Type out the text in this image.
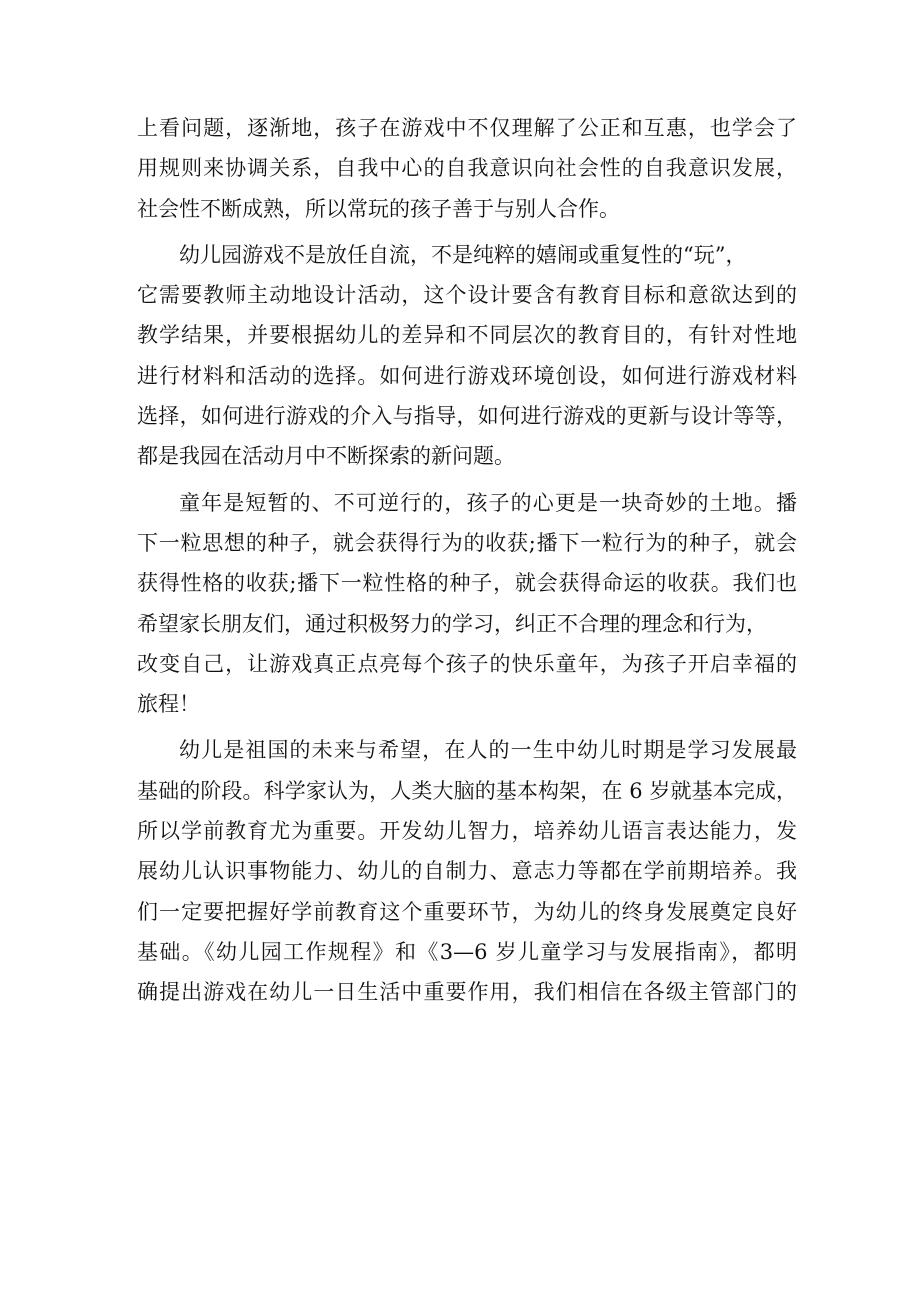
上看问题，逐渐地，孩子在游戏中不仅理解了公正和互惠，也学会了
用规则来协调关系，自我中心的自我意识向社会性的自我意识发展，
社会性不断成熟，所以常玩的孩子善于与别人合作。
幼儿园游戏不是放任自流，不是纯粹的嬉闹或重复性的“玩”，
它需要教师主动地设计活动，这个设计要含有教育目标和意欲达到的
教学结果，并要根据幼儿的差异和不同层次的教育目的，有针对性地
进行材料和活动的选择。如何进行游戏环境创设，如何进行游戏材料
选择，如何进行游戏的介入与指导，如何进行游戏的更新与设计等等，
都是我园在活动月中不断探索的新问题。
童年是短暂的、不可逆行的，孩子的心更是一块奇妙的土地。播
下一粒思想的种子，就会获得行为的收获;播下一粒行为的种子，就会
获得性格的收获;播下一粒性格的种子，就会获得命运的收获。我们也
希望家长朋友们，通过积极努力的学习，纠正不合理的理念和行为，
改变自己，让游戏真正点亮每个孩子的快乐童年，为孩子开启幸福的
旅程！
幼儿是祖国的未来与希望，在人的一生中幼儿时期是学习发展最
基础的阶段。科学家认为，人类大脑的基本构架，在 6 岁就基本完成，
所以学前教育尤为重要。开发幼儿智力，培养幼儿语言表达能力，发
展幼儿认识事物能力、幼儿的自制力、意志力等都在学前期培养。我
们一定要把握好学前教育这个重要环节，为幼儿的终身发展奠定良好
基础。《幼儿园工作规程》和《3—6 岁儿童学习与发展指南》，都明
确提出游戏在幼儿一日生活中重要作用，我们相信在各级主管部门的
